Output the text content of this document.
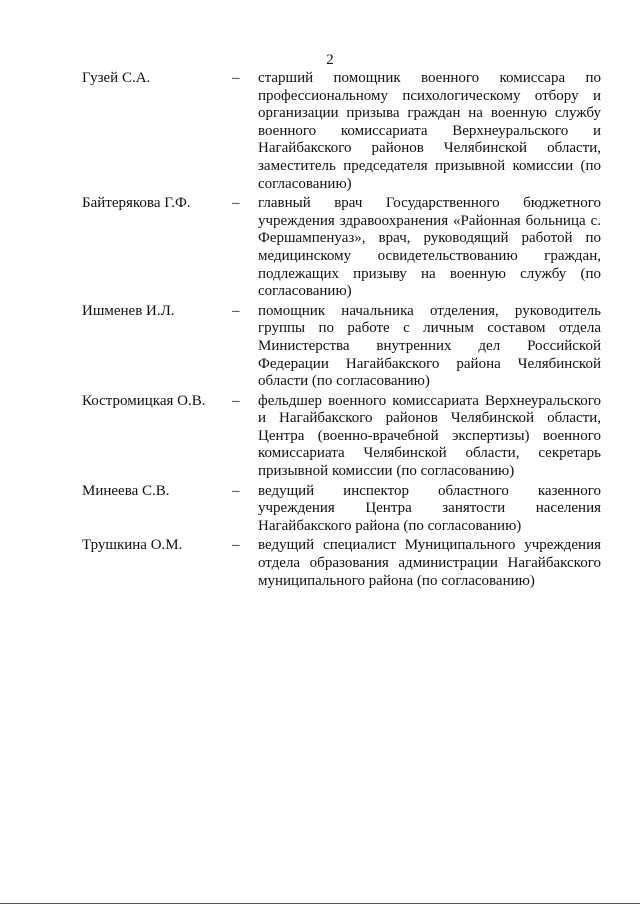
2
Гузей С.А.	–	старший помощник военного комиссара по профессиональному психологическому отбору и организации призыва граждан на военную службу военного комиссариата Верхнеуральского и Нагайбакского районов Челябинской области, заместитель председателя призывной комиссии (по согласованию)
Байтерякова Г.Ф.	–	главный врач Государственного бюджетного учреждения здравоохранения «Районная больница с. Фершампенуаз», врач, руководящий работой по медицинскому освидетельствованию граждан, подлежащих призыву на военную службу (по согласованию)
Ишменев И.Л.	–	помощник начальника отделения, руководитель группы по работе с личным составом отдела Министерства внутренних дел Российской Федерации Нагайбакского района Челябинской области (по согласованию)
Костромицкая О.В.	–	фельдшер военного комиссариата Верхнеуральского и Нагайбакского районов Челябинской области, Центра (военно-врачебной экспертизы) военного комиссариата Челябинской области, секретарь призывной комиссии (по согласованию)
Минеева С.В.	–	ведущий инспектор областного казенного учреждения Центра занятости населения Нагайбакского района (по согласованию)
Трушкина О.М.	–	ведущий специалист Муниципального учреждения отдела образования администрации Нагайбакского муниципального района (по согласованию)
